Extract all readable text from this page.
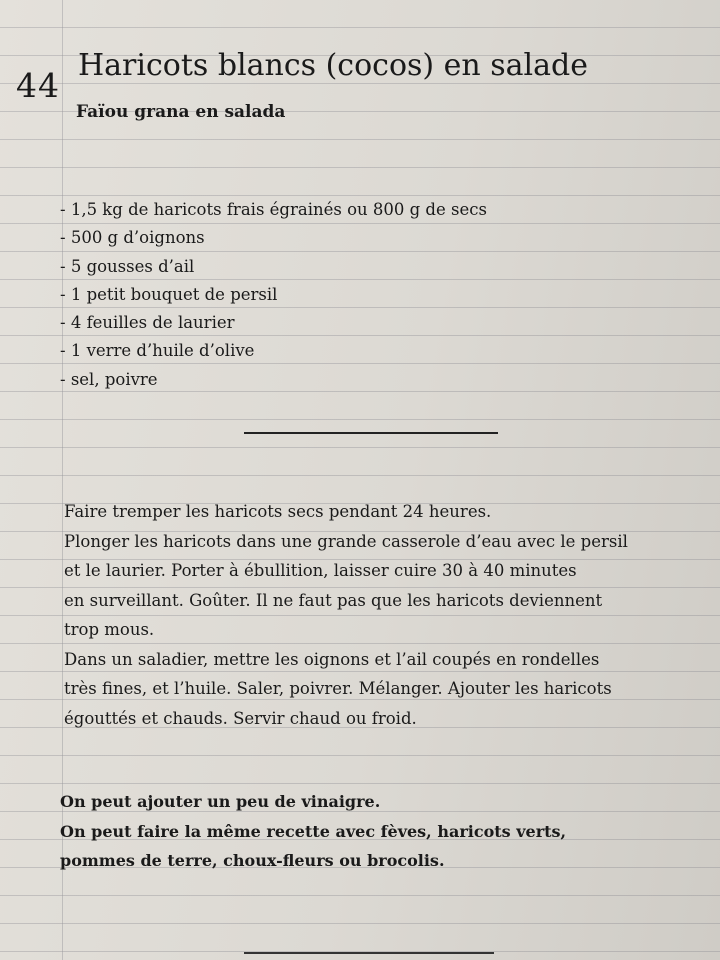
44
Haricots blancs (cocos) en salade
Faïou grana en salada
- 1,5 kg de haricots frais égrainés ou 800 g de secs
- 500 g d’oignons
- 5 gousses d’ail
- 1 petit bouquet de persil
- 4 feuilles de laurier
- 1 verre d’huile d’olive
- sel, poivre
Faire tremper les haricots secs pendant 24 heures.
Plonger les haricots dans une grande casserole d’eau avec le persil
et le laurier. Porter à ébullition, laisser cuire 30 à 40 minutes
en surveillant. Goûter. Il ne faut pas que les haricots deviennent
trop mous.
Dans un saladier, mettre les oignons et l’ail coupés en rondelles
très fines, et l’huile. Saler, poivrer. Mélanger. Ajouter les haricots
égouttés et chauds. Servir chaud ou froid.
On peut ajouter un peu de vinaigre.
On peut faire la même recette avec fèves, haricots verts,
pommes de terre, choux-fleurs ou brocolis.
